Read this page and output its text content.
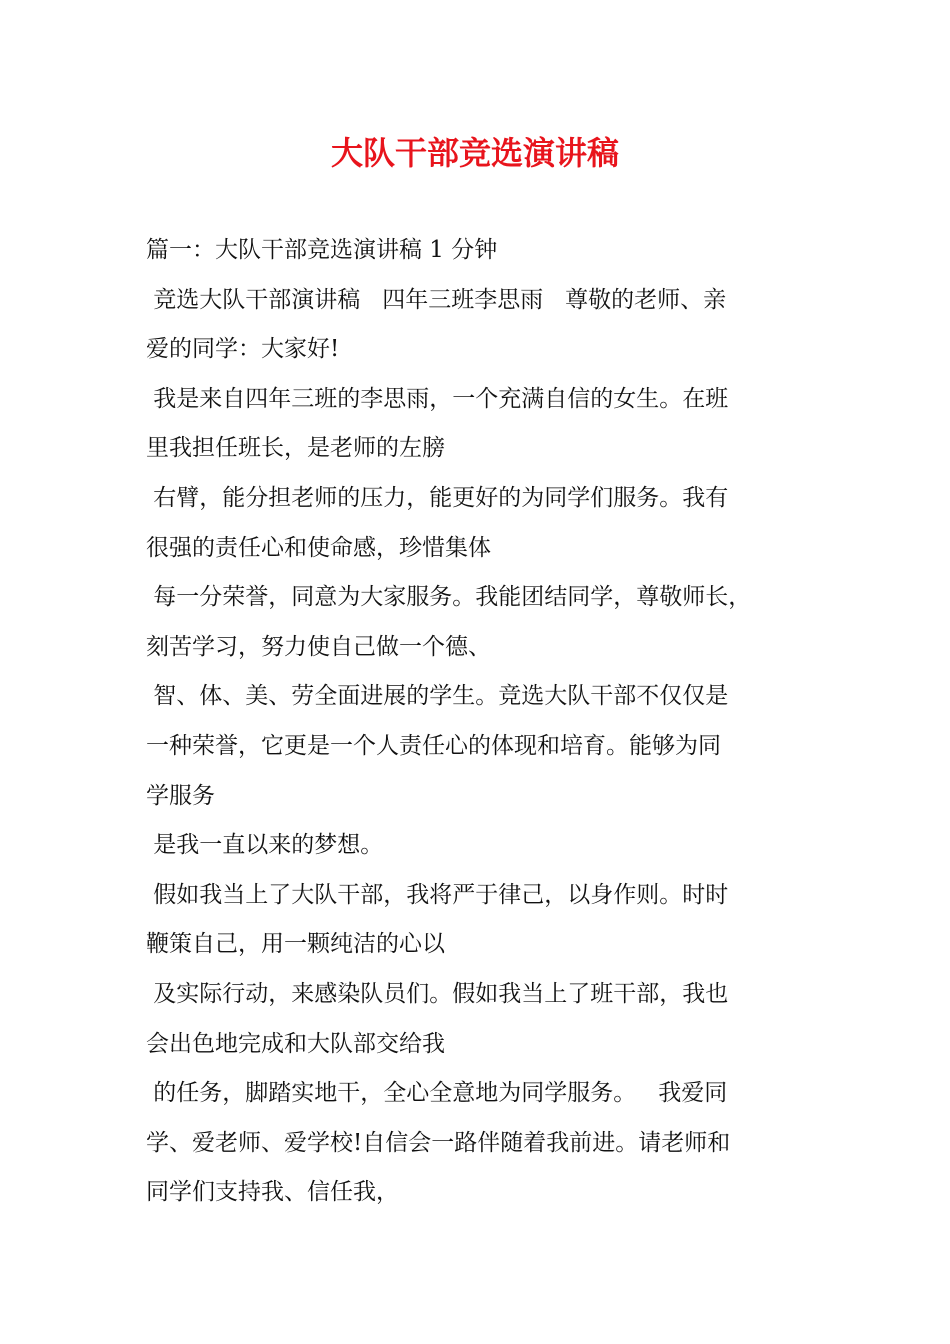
大队干部竞选演讲稿
篇一：大队干部竞选演讲稿 1 分钟
竞选大队干部演讲稿   四年三班李思雨   尊敬的老师、亲
爱的同学：大家好!
我是来自四年三班的李思雨，一个充满自信的女生。在班
里我担任班长，是老师的左膀
右臂，能分担老师的压力，能更好的为同学们服务。我有
很强的责任心和使命感，珍惜集体
每一分荣誉，同意为大家服务。我能团结同学，尊敬师长，
刻苦学习，努力使自己做一个德、
智、体、美、劳全面进展的学生。竞选大队干部不仅仅是
一种荣誉，它更是一个人责任心的体现和培育。能够为同
学服务
是我一直以来的梦想。
假如我当上了大队干部，我将严于律己，以身作则。时时
鞭策自己，用一颗纯洁的心以
及实际行动，来感染队员们。假如我当上了班干部，我也
会出色地完成和大队部交给我
的任务，脚踏实地干，全心全意地为同学服务。   我爱同
学、爱老师、爱学校!自信会一路伴随着我前进。请老师和
同学们支持我、信任我，
